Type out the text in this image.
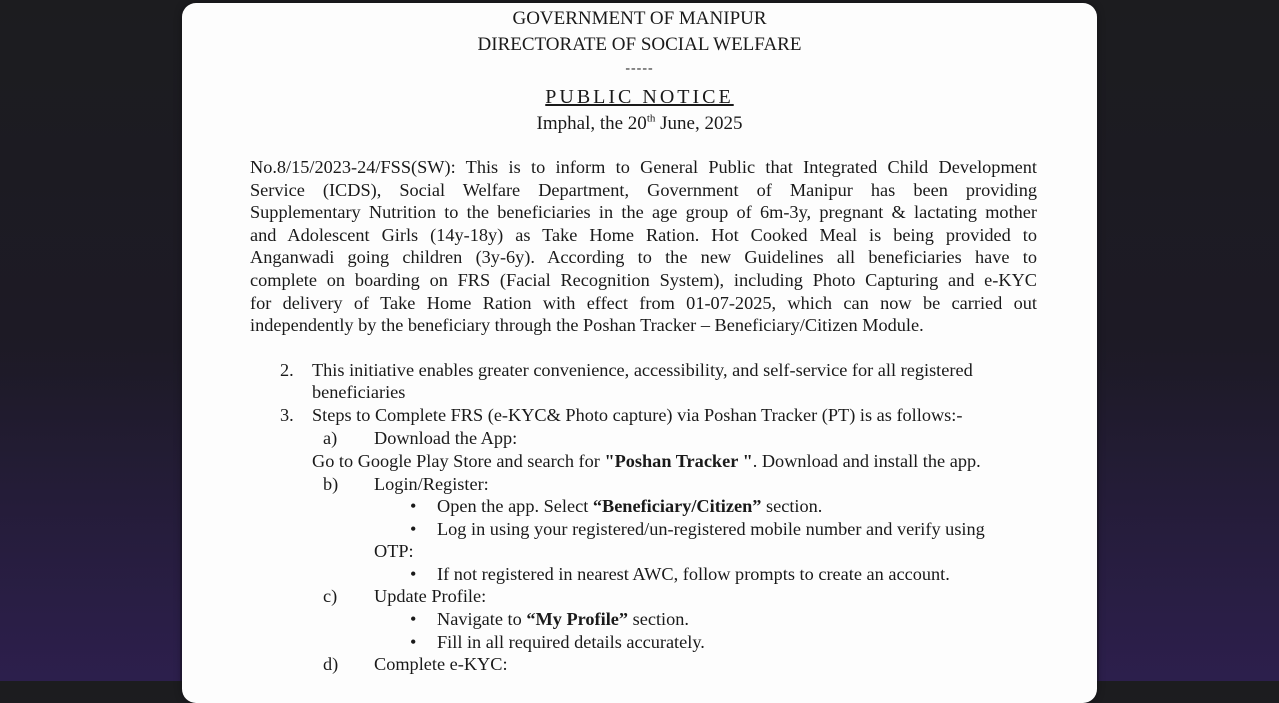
GOVERNMENT OF MANIPUR
DIRECTORATE OF SOCIAL WELFARE
-----
PUBLIC NOTICE
Imphal, the 20th June, 2025
No.8/15/2023-24/FSS(SW): This is to inform to General Public that Integrated Child Development
Service (ICDS), Social Welfare Department, Government of Manipur has been providing
Supplementary Nutrition to the beneficiaries in the age group of 6m-3y, pregnant & lactating mother
and Adolescent Girls (14y-18y) as Take Home Ration. Hot Cooked Meal is being provided to
Anganwadi going children (3y-6y). According to the new Guidelines all beneficiaries have to
complete on boarding on FRS (Facial Recognition System), including Photo Capturing and e-KYC
for delivery of Take Home Ration with effect from 01-07-2025, which can now be carried out
independently by the beneficiary through the Poshan Tracker – Beneficiary/Citizen Module.
2. This initiative enables greater convenience, accessibility, and self-service for all registered
beneficiaries
3. Steps to Complete FRS (e-KYC& Photo capture) via Poshan Tracker (PT) is as follows:-
a) Download the App:
Go to Google Play Store and search for "Poshan Tracker ". Download and install the app.
b) Login/Register:
• Open the app. Select “Beneficiary/Citizen” section.
• Log in using your registered/un-registered mobile number and verify using
OTP:
• If not registered in nearest AWC, follow prompts to create an account.
c) Update Profile:
• Navigate to “My Profile” section.
• Fill in all required details accurately.
d) Complete e-KYC:
